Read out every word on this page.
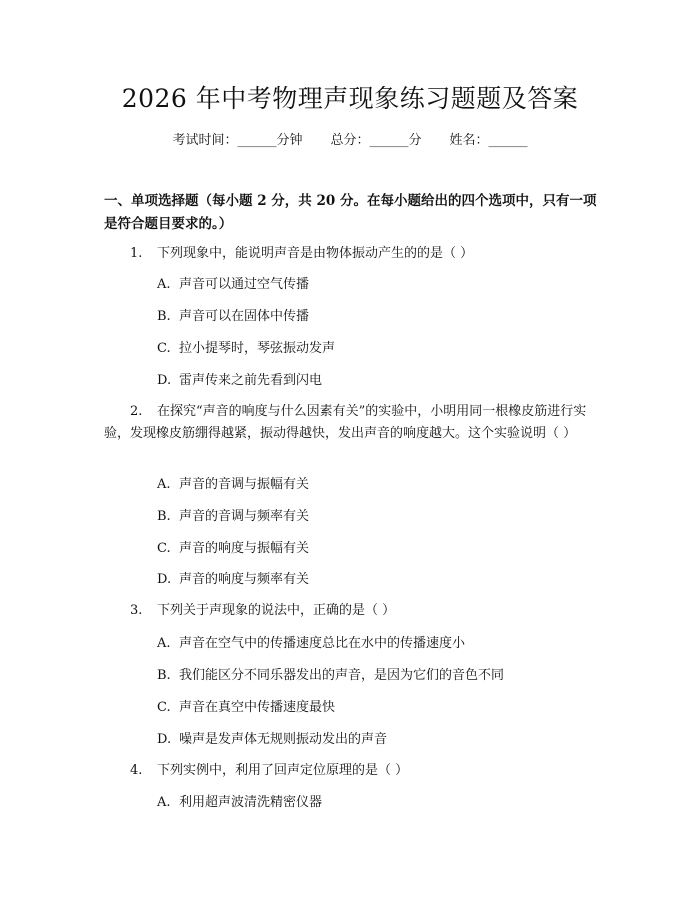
2026 年中考物理声现象练习题题及答案
考试时间：______分钟 总分：______分 姓名：______
一、单项选择题（每小题 2 分，共 20 分。在每小题给出的四个选项中，只有一项是符合题目要求的。）
1. 下列现象中，能说明声音是由物体振动产生的的是（ ）
A. 声音可以通过空气传播
B. 声音可以在固体中传播
C. 拉小提琴时，琴弦振动发声
D. 雷声传来之前先看到闪电
2. 在探究“声音的响度与什么因素有关”的实验中，小明用同一根橡皮筋进行实验，发现橡皮筋绷得越紧，振动得越快，发出声音的响度越大。这个实验说明（ ）
A. 声音的音调与振幅有关
B. 声音的音调与频率有关
C. 声音的响度与振幅有关
D. 声音的响度与频率有关
3. 下列关于声现象的说法中，正确的是（ ）
A. 声音在空气中的传播速度总比在水中的传播速度小
B. 我们能区分不同乐器发出的声音，是因为它们的音色不同
C. 声音在真空中传播速度最快
D. 噪声是发声体无规则振动发出的声音
4. 下列实例中，利用了回声定位原理的是（ ）
A. 利用超声波清洗精密仪器
